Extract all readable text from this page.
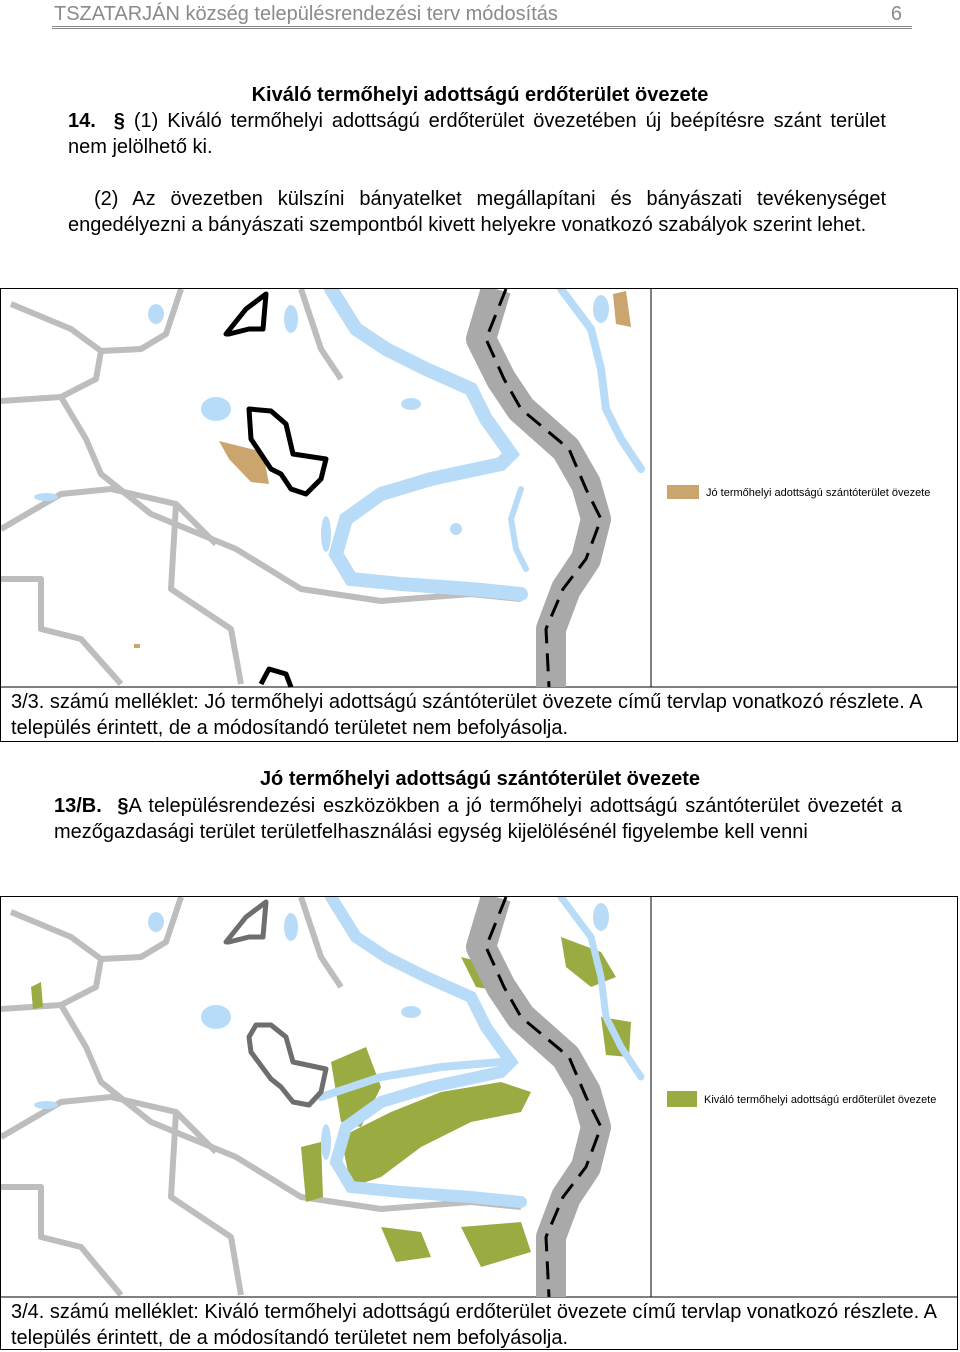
TSZATARJÁN község településrendezési terv módosítás	6
Kiváló termőhelyi adottságú erdőterület övezete
14. § (1) Kiváló termőhelyi adottságú erdőterület övezetében új beépítésre szánt terület nem jelölhető ki.
(2) Az övezetben külszíni bányatelket megállapítani és bányászati tevékenységet engedélyezni a bányászati szempontból kivett helyekre vonatkozó szabályok szerint lehet.
Jó termőhelyi adottságú szántóterület övezete
3/3. számú melléklet: Jó termőhelyi adottságú szántóterület övezete című tervlap vonatkozó részlete. A település érintett, de a módosítandó területet nem befolyásolja.
Jó termőhelyi adottságú szántóterület övezete
13/B. §A településrendezési eszközökben a jó termőhelyi adottságú szántóterület övezetét a mezőgazdasági terület területfelhasználási egység kijelölésénél figyelembe kell venni
Kiváló termőhelyi adottságú erdőterület övezete
3/4. számú melléklet: Kiváló termőhelyi adottságú erdőterület övezete című tervlap vonatkozó részlete. A település érintett, de a módosítandó területet nem befolyásolja.
